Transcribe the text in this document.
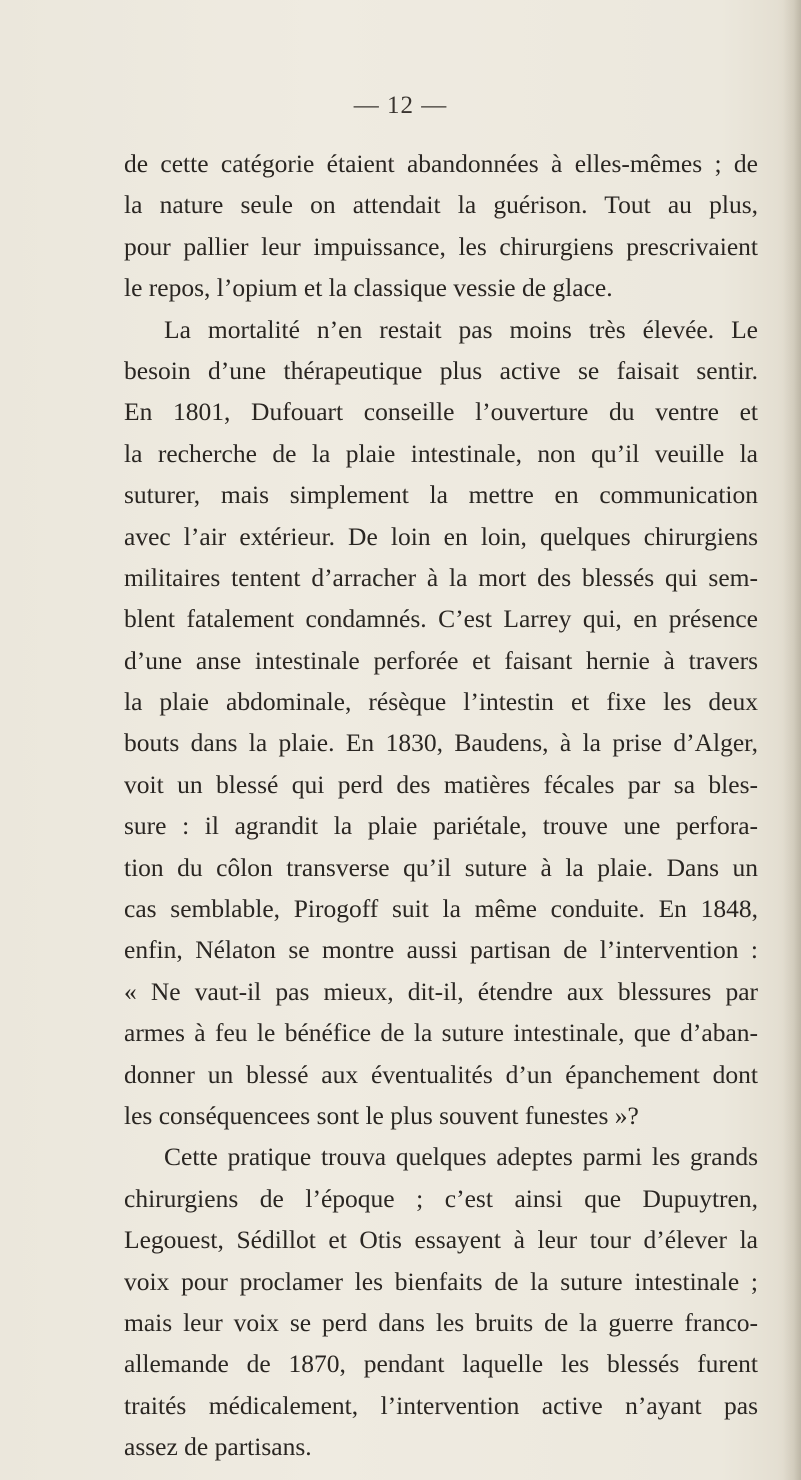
— 12 —
de cette catégorie étaient abandonnées à elles-mêmes ; de
la nature seule on attendait la guérison. Tout au plus,
pour pallier leur impuissance, les chirurgiens prescrivaient
le repos, l’opium et la classique vessie de glace.
La mortalité n’en restait pas moins très élevée. Le
besoin d’une thérapeutique plus active se faisait sentir.
En 1801, Dufouart conseille l’ouverture du ventre et
la recherche de la plaie intestinale, non qu’il veuille la
suturer, mais simplement la mettre en communication
avec l’air extérieur. De loin en loin, quelques chirurgiens
militaires tentent d’arracher à la mort des blessés qui sem-
blent fatalement condamnés. C’est Larrey qui, en présence
d’une anse intestinale perforée et faisant hernie à travers
la plaie abdominale, résèque l’intestin et fixe les deux
bouts dans la plaie. En 1830, Baudens, à la prise d’Alger,
voit un blessé qui perd des matières fécales par sa bles-
sure : il agrandit la plaie pariétale, trouve une perfora-
tion du côlon transverse qu’il suture à la plaie. Dans un
cas semblable, Pirogoff suit la même conduite. En 1848,
enfin, Nélaton se montre aussi partisan de l’intervention :
« Ne vaut-il pas mieux, dit-il, étendre aux blessures par
armes à feu le bénéfice de la suture intestinale, que d’aban-
donner un blessé aux éventualités d’un épanchement dont
les conséquencees sont le plus souvent funestes »?
Cette pratique trouva quelques adeptes parmi les grands
chirurgiens de l’époque ; c’est ainsi que Dupuytren,
Legouest, Sédillot et Otis essayent à leur tour d’élever la
voix pour proclamer les bienfaits de la suture intestinale ;
mais leur voix se perd dans les bruits de la guerre franco-
allemande de 1870, pendant laquelle les blessés furent
traités médicalement, l’intervention active n’ayant pas
assez de partisans.
